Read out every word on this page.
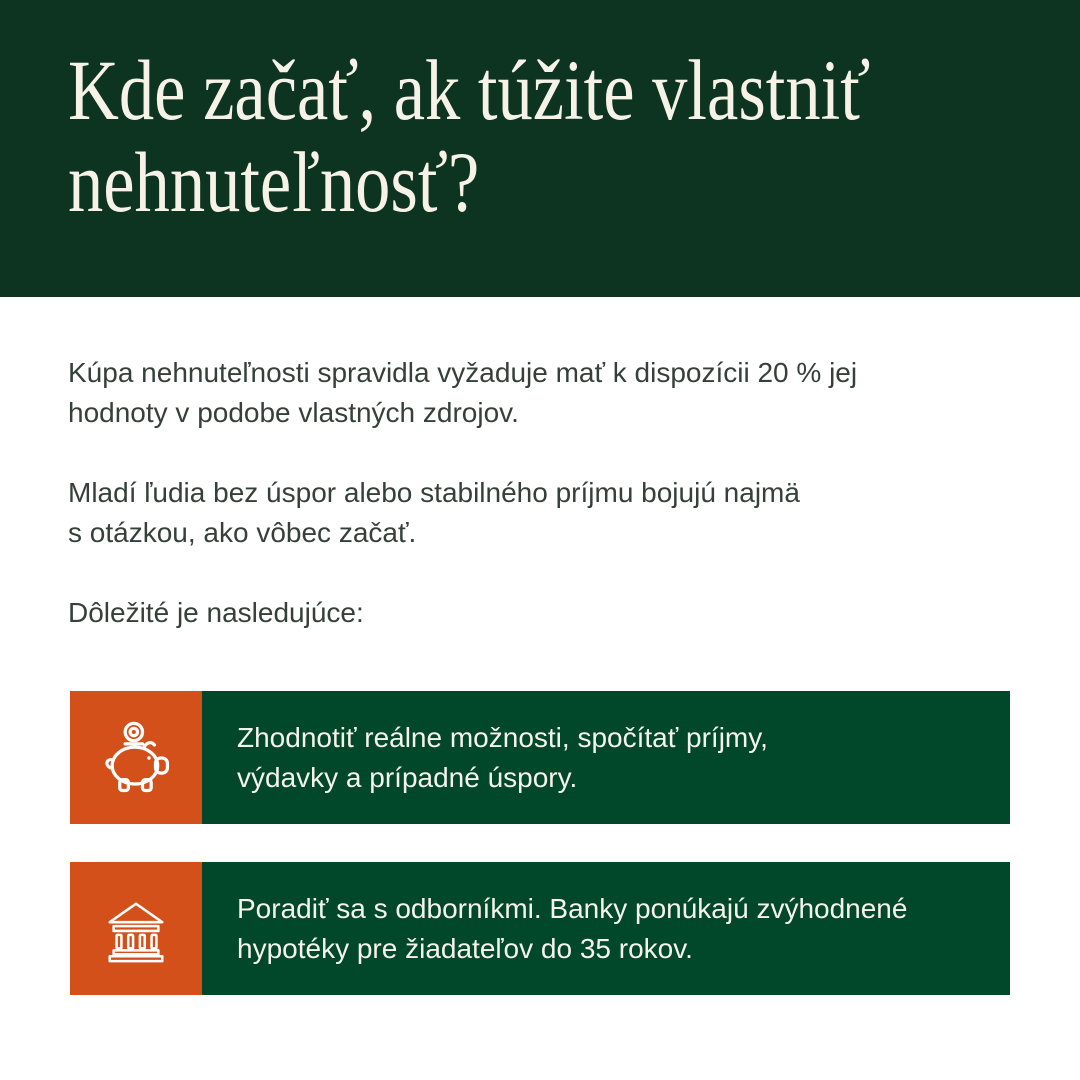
Kde začať, ak túžite vlastniť
nehnuteľnosť?
Kúpa nehnuteľnosti spravidla vyžaduje mať k dispozícii 20 % jej
hodnoty v podobe vlastných zdrojov.
Mladí ľudia bez úspor alebo stabilného príjmu bojujú najmä
s otázkou, ako vôbec začať.
Dôležité je nasledujúce:
Zhodnotiť reálne možnosti, spočítať príjmy,
výdavky a prípadné úspory.
Poradiť sa s odborníkmi. Banky ponúkajú zvýhodnené
hypotéky pre žiadateľov do 35 rokov.
